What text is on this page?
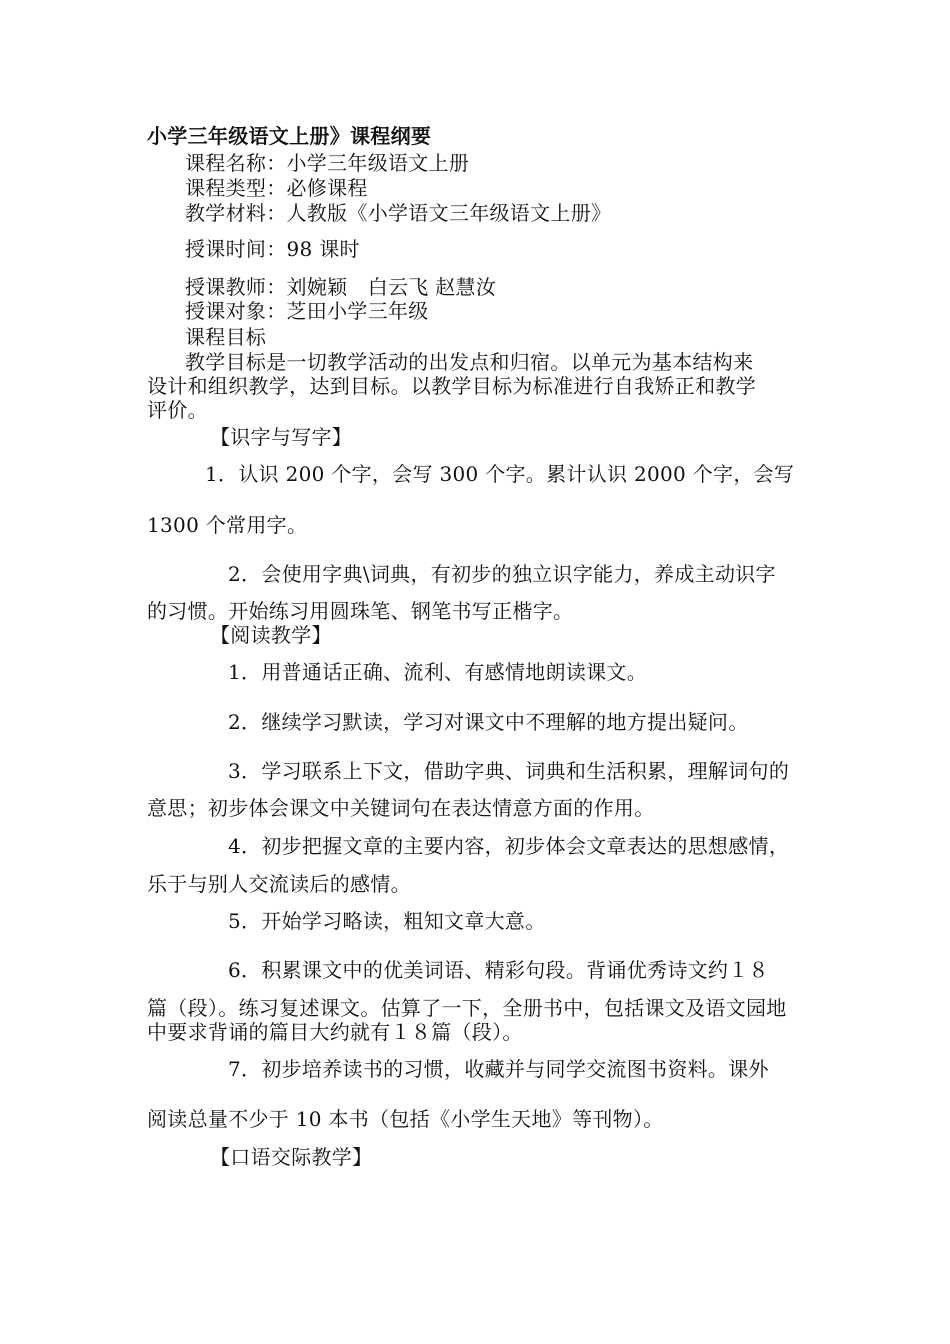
小学三年级语文上册》课程纲要
课程名称：小学三年级语文上册
课程类型：必修课程
教学材料：人教版《小学语文三年级语文上册》
授课时间：98 课时
授课教师：刘婉颖　白云飞 赵慧汝
授课对象：芝田小学三年级
课程目标
教学目标是一切教学活动的出发点和归宿。以单元为基本结构来
设计和组织教学，达到目标。以教学目标为标准进行自我矫正和教学
评价。
【识字与写字】
1．认识 200 个字，会写 300 个字。累计认识 2000 个字，会写
1300 个常用字。
2．会使用字典\词典，有初步的独立识字能力，养成主动识字
的习惯。开始练习用圆珠笔、钢笔书写正楷字。
【阅读教学】
1．用普通话正确、流利、有感情地朗读课文。
2．继续学习默读，学习对课文中不理解的地方提出疑问。
3．学习联系上下文，借助字典、词典和生活积累，理解词句的
意思；初步体会课文中关键词句在表达情意方面的作用。
4．初步把握文章的主要内容，初步体会文章表达的思想感情，
乐于与别人交流读后的感情。
5．开始学习略读，粗知文章大意。
6．积累课文中的优美词语、精彩句段。背诵优秀诗文约１８
篇（段）。练习复述课文。估算了一下，全册书中，包括课文及语文园地
中要求背诵的篇目大约就有１８篇（段）。
7．初步培养读书的习惯，收藏并与同学交流图书资料。课外
阅读总量不少于 10 本书（包括《小学生天地》等刊物）。
【口语交际教学】
